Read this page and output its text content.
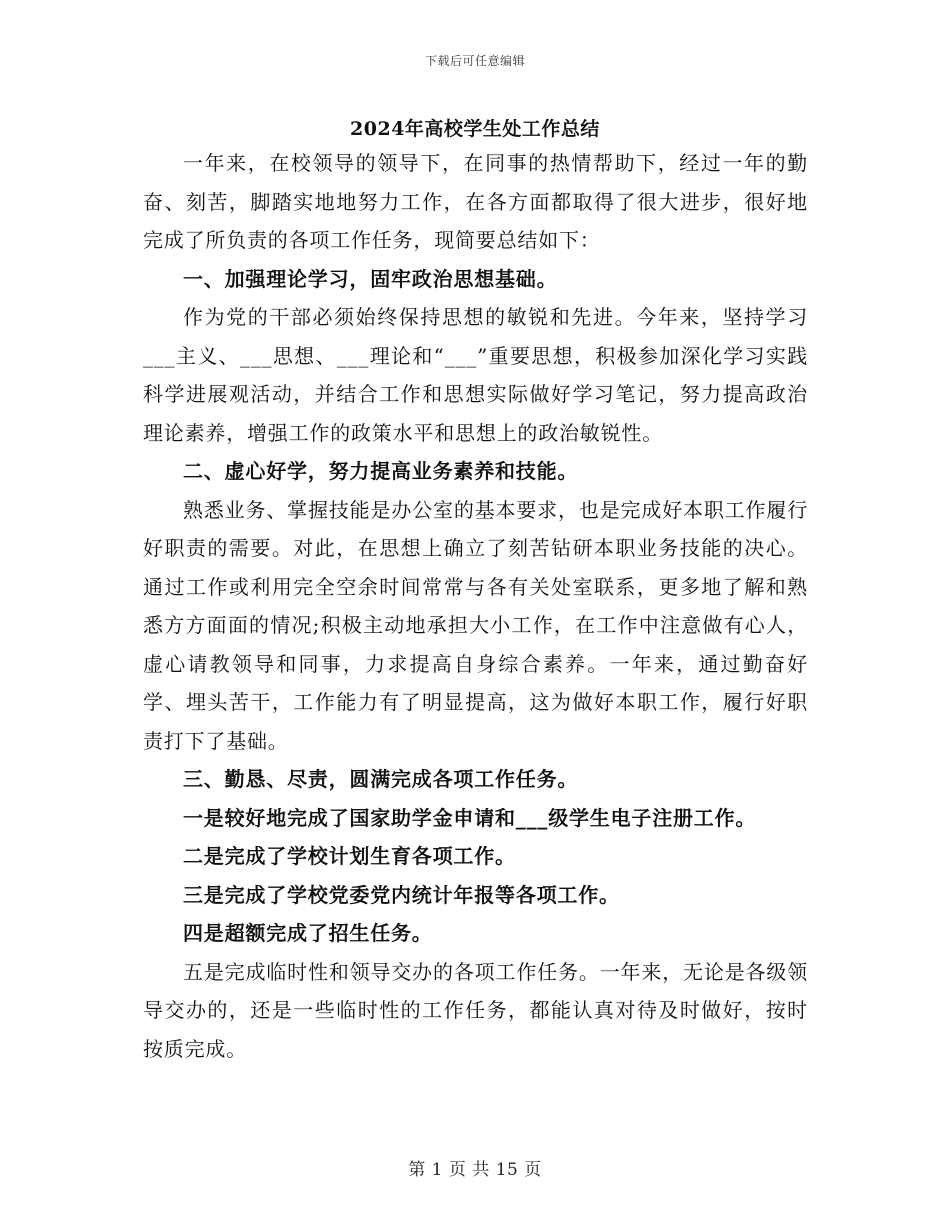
下载后可任意编辑
2024年高校学生处工作总结

一年来，在校领导的领导下，在同事的热情帮助下，经过一年的勤奋、刻苦，脚踏实地地努力工作，在各方面都取得了很大进步，很好地完成了所负责的各项工作任务，现简要总结如下：

一、加强理论学习，固牢政治思想基础。

作为党的干部必须始终保持思想的敏锐和先进。今年来，坚持学习___主义、___思想、___理论和“___”重要思想，积极参加深化学习实践科学进展观活动，并结合工作和思想实际做好学习笔记，努力提高政治理论素养，增强工作的政策水平和思想上的政治敏锐性。

二、虚心好学，努力提高业务素养和技能。

熟悉业务、掌握技能是办公室的基本要求，也是完成好本职工作履行好职责的需要。对此，在思想上确立了刻苦钻研本职业务技能的决心。通过工作或利用完全空余时间常常与各有关处室联系，更多地了解和熟悉方方面面的情况;积极主动地承担大小工作，在工作中注意做有心人，虚心请教领导和同事，力求提高自身综合素养。一年来，通过勤奋好学、埋头苦干，工作能力有了明显提高，这为做好本职工作，履行好职责打下了基础。

三、勤恳、尽责，圆满完成各项工作任务。

一是较好地完成了国家助学金申请和___级学生电子注册工作。

二是完成了学校计划生育各项工作。

三是完成了学校党委党内统计年报等各项工作。

四是超额完成了招生任务。

五是完成临时性和领导交办的各项工作任务。一年来，无论是各级领导交办的，还是一些临时性的工作任务，都能认真对待及时做好，按时按质完成。

第 1 页 共 15 页
